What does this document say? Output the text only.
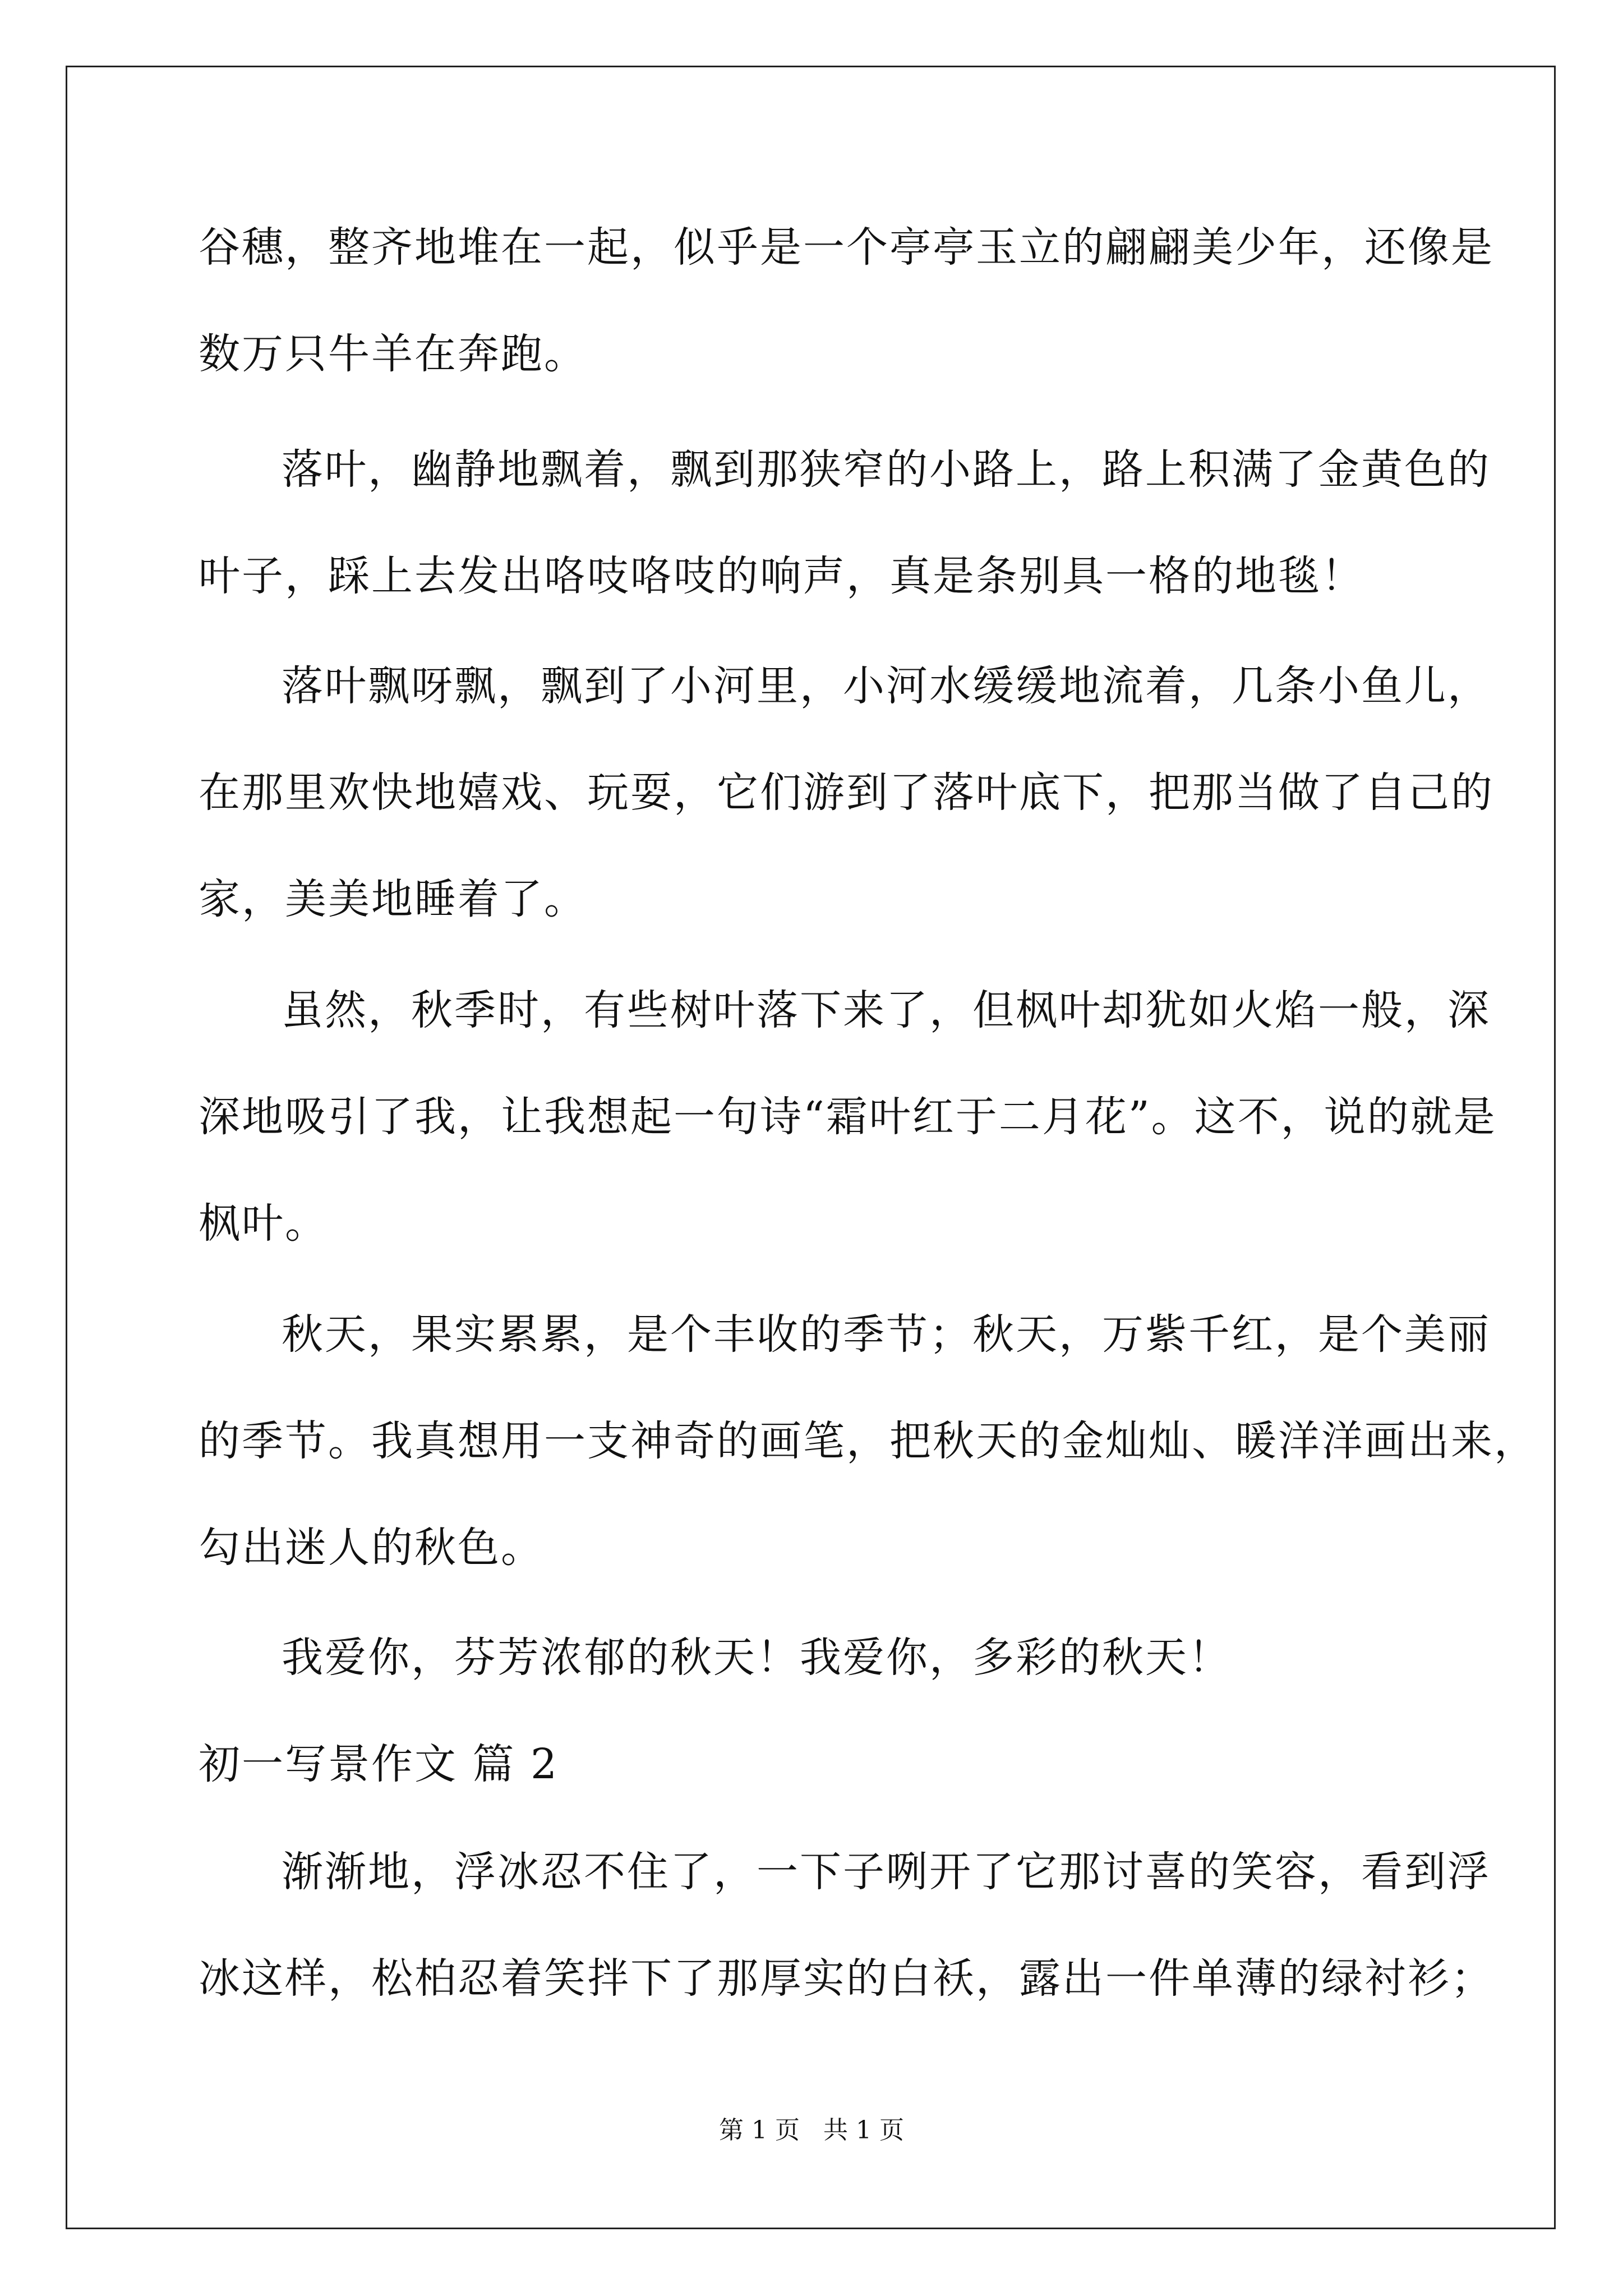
谷穗，整齐地堆在一起，似乎是一个亭亭玉立的翩翩美少年，还像是
数万只牛羊在奔跑。
落叶，幽静地飘着，飘到那狭窄的小路上，路上积满了金黄色的
叶子，踩上去发出咯吱咯吱的响声，真是条别具一格的地毯！
落叶飘呀飘，飘到了小河里，小河水缓缓地流着，几条小鱼儿，
在那里欢快地嬉戏、玩耍，它们游到了落叶底下，把那当做了自己的
家，美美地睡着了。
虽然，秋季时，有些树叶落下来了，但枫叶却犹如火焰一般，深
深地吸引了我，让我想起一句诗“霜叶红于二月花”。这不，说的就是
枫叶。
秋天，果实累累，是个丰收的季节；秋天，万紫千红，是个美丽
的季节。我真想用一支神奇的画笔，把秋天的金灿灿、暖洋洋画出来，
勾出迷人的秋色。
我爱你，芬芳浓郁的秋天！我爱你，多彩的秋天！
初一写景作文 篇 2
渐渐地，浮冰忍不住了，一下子咧开了它那讨喜的笑容，看到浮
冰这样，松柏忍着笑拌下了那厚实的白袄，露出一件单薄的绿衬衫；
第 1 页 共 1 页
